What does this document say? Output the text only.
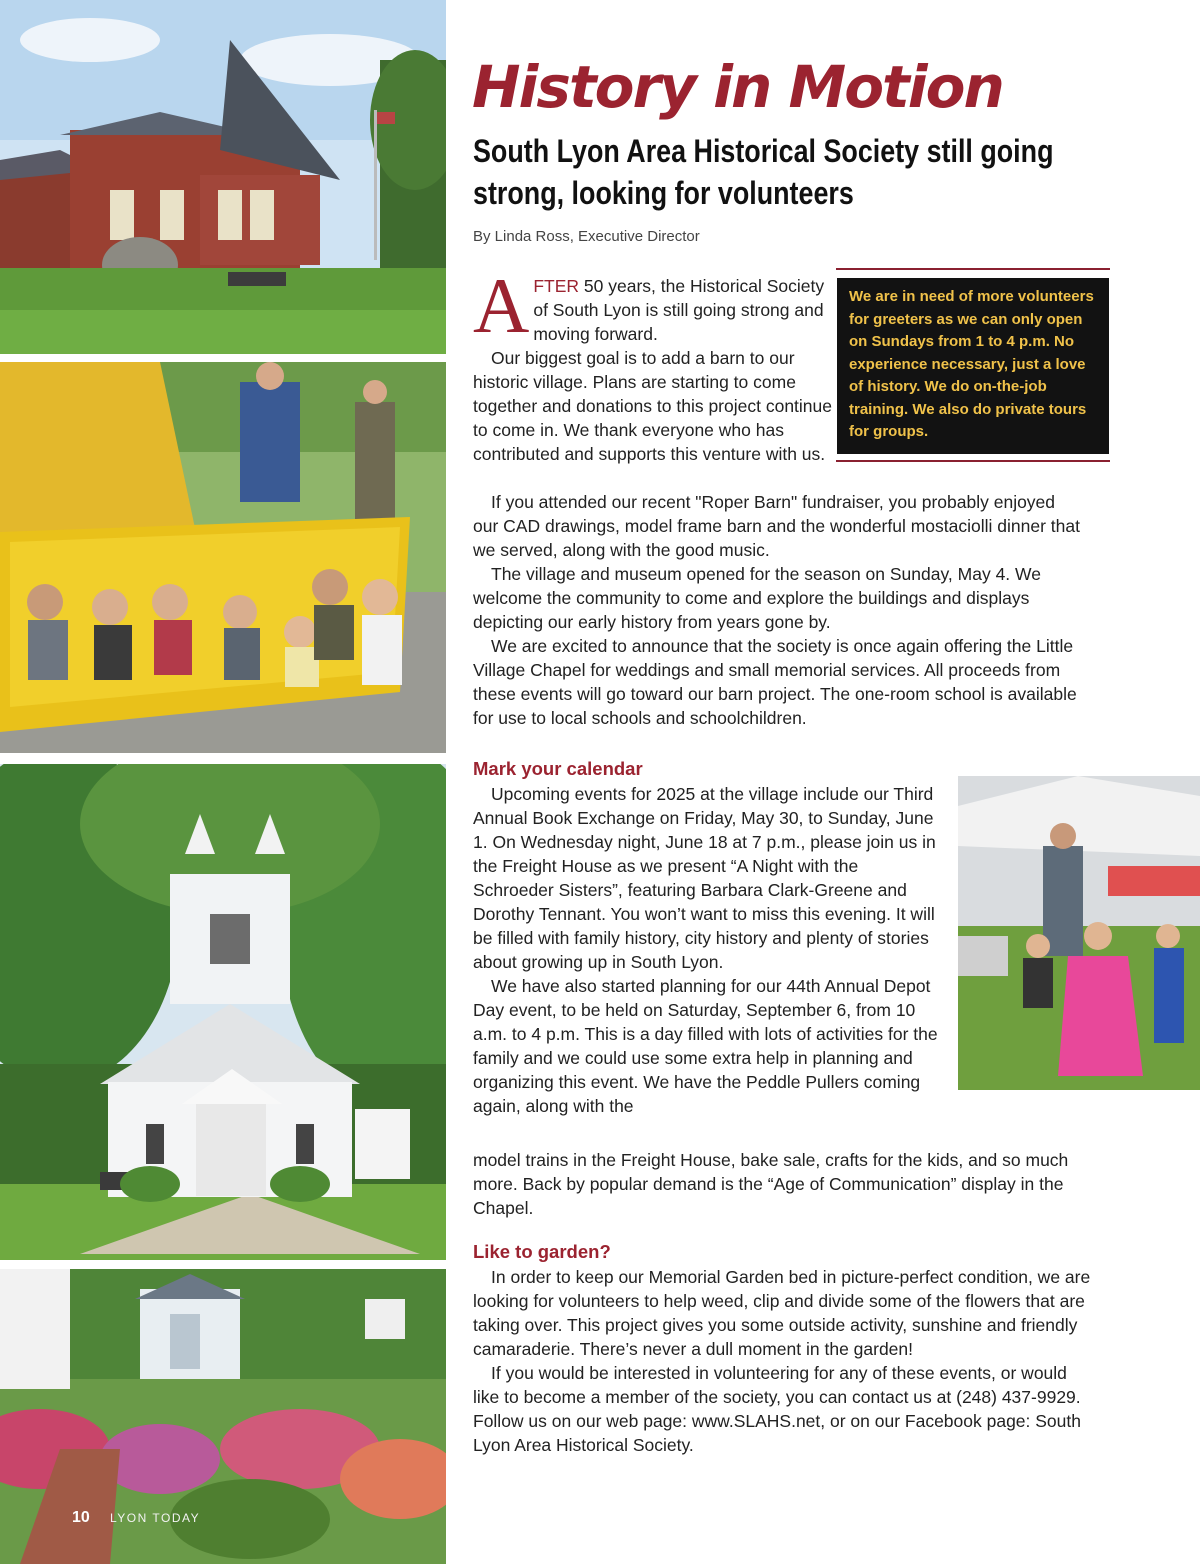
History in Motion
South Lyon Area Historical Society still going strong, looking for volunteers
By Linda Ross, Executive Director

AFTER 50 years, the Historical Society of South Lyon is still going strong and moving forward.

Our biggest goal is to add a barn to our historic village. Plans are starting to come together and donations to this project continue to come in. We thank everyone who has contributed and supports this venture with us.

We are in need of more volunteers for greeters as we can only open on Sundays from 1 to 4 p.m. No experience necessary, just a love of history. We do on-the-job training. We also do private tours for groups.

If you attended our recent "Roper Barn" fundraiser, you probably enjoyed our CAD drawings, model frame barn and the wonderful mostaciolli dinner that we served, along with the good music.

The village and museum opened for the season on Sunday, May 4. We welcome the community to come and explore the buildings and displays depicting our early history from years gone by.

We are excited to announce that the society is once again offering the Little Village Chapel for weddings and small memorial services. All proceeds from these events will go toward our barn project. The one-room school is available for use to local schools and schoolchildren.

Mark your calendar

Upcoming events for 2025 at the village include our Third Annual Book Exchange on Friday, May 30, to Sunday, June 1. On Wednesday night, June 18 at 7 p.m., please join us in the Freight House as we present “A Night with the Schroeder Sisters”, featuring Barbara Clark-Greene and Dorothy Tennant. You won’t want to miss this evening. It will be filled with family history, city history and plenty of stories about growing up in South Lyon.

We have also started planning for our 44th Annual Depot Day event, to be held on Saturday, September 6, from 10 a.m. to 4 p.m. This is a day filled with lots of activities for the family and we could use some extra help in planning and organizing this event. We have the Peddle Pullers coming again, along with the

model trains in the Freight House, bake sale, crafts for the kids, and so much more. Back by popular demand is the “Age of Communication” display in the Chapel.

Like to garden?

In order to keep our Memorial Garden bed in picture-perfect condition, we are looking for volunteers to help weed, clip and divide some of the flowers that are taking over. This project gives you some outside activity, sunshine and friendly camaraderie. There’s never a dull moment in the garden!

If you would be interested in volunteering for any of these events, or would like to become a member of the society, you can contact us at (248) 437-9929. Follow us on our web page: www.SLAHS.net, or on our Facebook page: South Lyon Area Historical Society.

10 LYON TODAY
